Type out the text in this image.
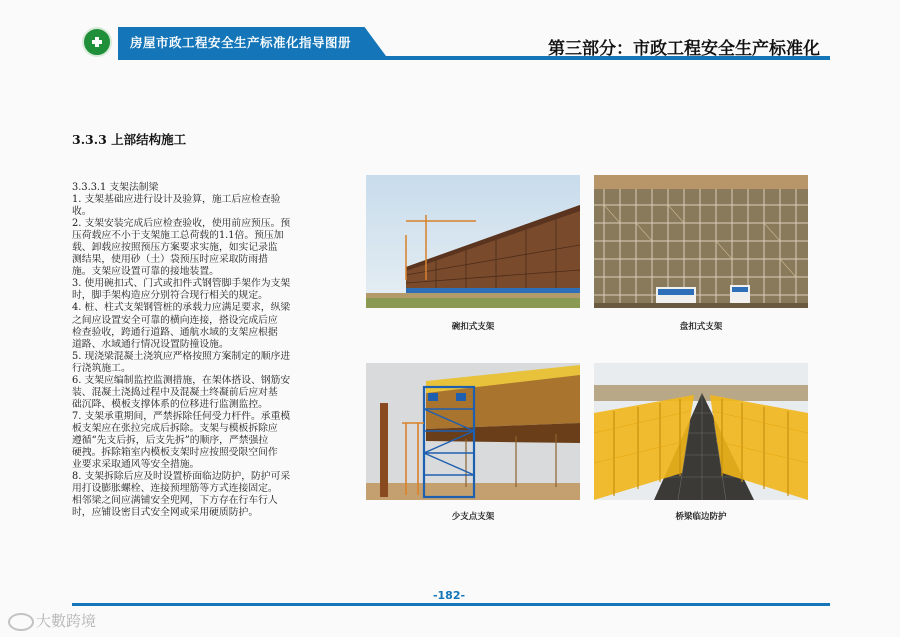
房屋市政工程安全生产标准化指导图册	第三部分：市政工程安全生产标准化
3.3.3 上部结构施工

3.3.3.1 支架法制梁

1. 支架基础应进行设计及验算，施工后应检查验

收。

2. 支架安装完成后应检查验收，使用前应预压。预

压荷载应不小于支架施工总荷载的1.1倍。预压加

载、卸载应按照预压方案要求实施，如实记录监

测结果，使用砂（土）袋预压时应采取防雨措

施。支架应设置可靠的接地装置。

3. 使用碗扣式、门式或扣件式钢管脚手架作为支架

时，脚手架构造应分别符合现行相关的规定。

4. 桩、柱式支架钢管桩的承载力应满足要求，纵梁

之间应设置安全可靠的横向连接，搭设完成后应

检查验收，跨通行道路、通航水域的支架应根据

道路、水域通行情况设置防撞设施。

5. 现浇梁混凝土浇筑应严格按照方案制定的顺序进

行浇筑施工。

6. 支架应编制监控监测措施，在架体搭设、钢筋安

装、混凝土浇捣过程中及混凝土终凝前后应对基

础沉降、模板支撑体系的位移进行监测监控。

7. 支架承重期间，严禁拆除任何受力杆件。承重模

板支架应在张拉完成后拆除。支架与模板拆除应

遵循“先支后拆，后支先拆”的顺序，严禁强拉

硬拽。拆除箱室内模板支架时应按照受限空间作

业要求采取通风等安全措施。

8. 支架拆除后应及时设置桥面临边防护，防护可采

用打设膨胀螺栓、连接预埋筋等方式连接固定。

相邻梁之间应满铺安全兜网，下方存在行车行人

时，应铺设密目式安全网或采用硬质防护。

碗扣式支架	盘扣式支架
少支点支架	桥梁临边防护
-182-
大數跨境
